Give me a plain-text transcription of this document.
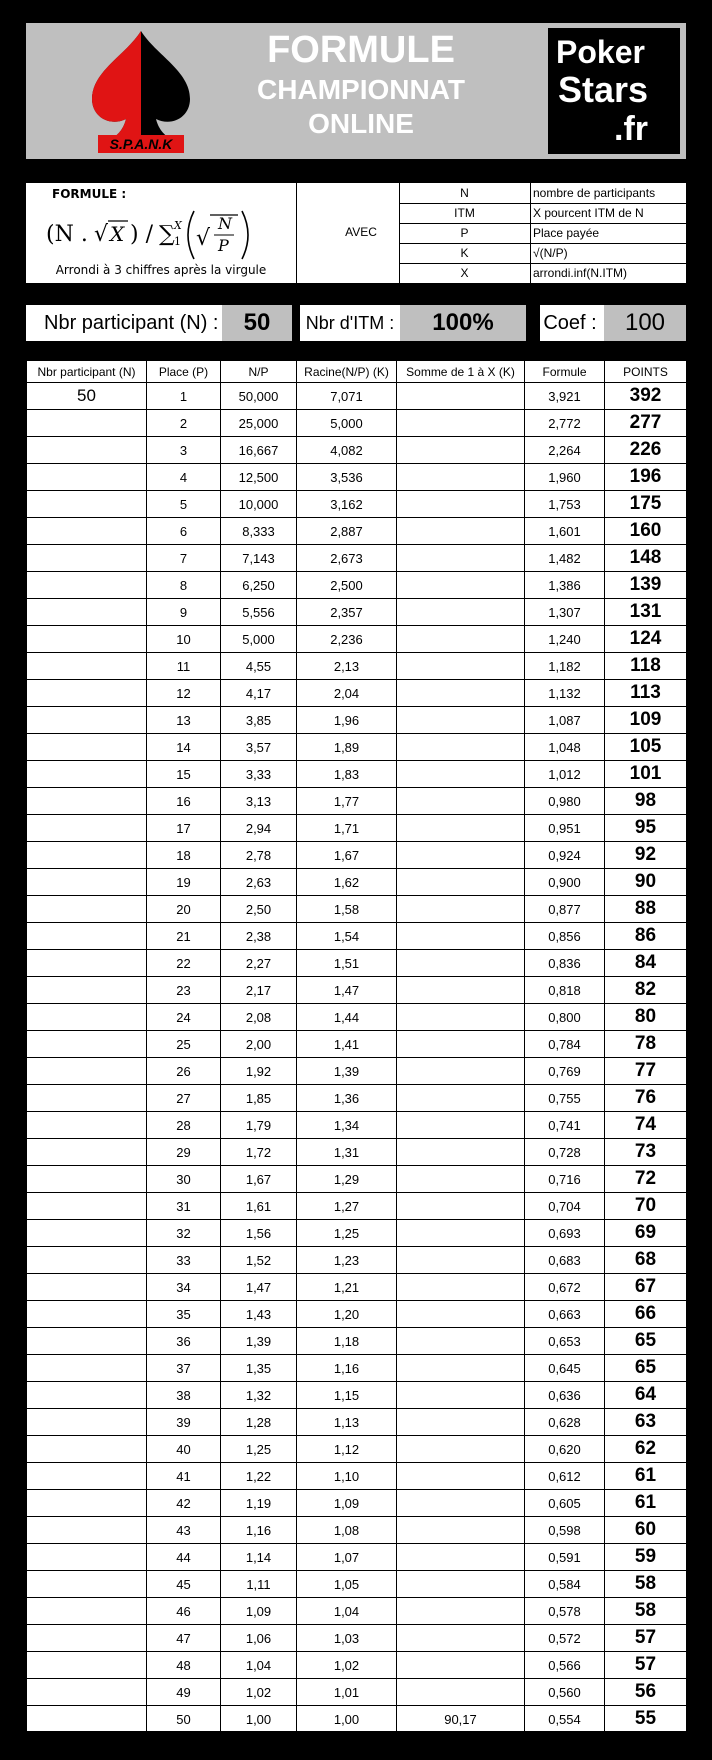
S.P.A.N.K
FORMULE
CHAMPIONNAT
ONLINE
Poker
Stars
.fr
FORMULE :
(N . √ X ) / ∑ X
1 √
N
P
Arrondi à 3 chiffres après la virgule
AVEC
N	nombre de participants
ITM	X pourcent ITM de N
P	Place payée
K	√(N/P)
X	arrondi.inf(N.ITM)
Nbr participant (N) :	50	Nbr d'ITM :	100%	Coef :	100
Nbr participant (N)	Place (P)	N/P	Racine(N/P) (K)	Somme de 1 à X (K)	Formule	POINTS
50	1	50,000	7,071		3,921	392
	2	25,000	5,000		2,772	277
	3	16,667	4,082		2,264	226
	4	12,500	3,536		1,960	196
	5	10,000	3,162		1,753	175
	6	8,333	2,887		1,601	160
	7	7,143	2,673		1,482	148
	8	6,250	2,500		1,386	139
	9	5,556	2,357		1,307	131
	10	5,000	2,236		1,240	124
	11	4,55	2,13		1,182	118
	12	4,17	2,04		1,132	113
	13	3,85	1,96		1,087	109
	14	3,57	1,89		1,048	105
	15	3,33	1,83		1,012	101
	16	3,13	1,77		0,980	98
	17	2,94	1,71		0,951	95
	18	2,78	1,67		0,924	92
	19	2,63	1,62		0,900	90
	20	2,50	1,58		0,877	88
	21	2,38	1,54		0,856	86
	22	2,27	1,51		0,836	84
	23	2,17	1,47		0,818	82
	24	2,08	1,44		0,800	80
	25	2,00	1,41		0,784	78
	26	1,92	1,39		0,769	77
	27	1,85	1,36		0,755	76
	28	1,79	1,34		0,741	74
	29	1,72	1,31		0,728	73
	30	1,67	1,29		0,716	72
	31	1,61	1,27		0,704	70
	32	1,56	1,25		0,693	69
	33	1,52	1,23		0,683	68
	34	1,47	1,21		0,672	67
	35	1,43	1,20		0,663	66
	36	1,39	1,18		0,653	65
	37	1,35	1,16		0,645	65
	38	1,32	1,15		0,636	64
	39	1,28	1,13		0,628	63
	40	1,25	1,12		0,620	62
	41	1,22	1,10		0,612	61
	42	1,19	1,09		0,605	61
	43	1,16	1,08		0,598	60
	44	1,14	1,07		0,591	59
	45	1,11	1,05		0,584	58
	46	1,09	1,04		0,578	58
	47	1,06	1,03		0,572	57
	48	1,04	1,02		0,566	57
	49	1,02	1,01		0,560	56
	50	1,00	1,00	90,17	0,554	55
